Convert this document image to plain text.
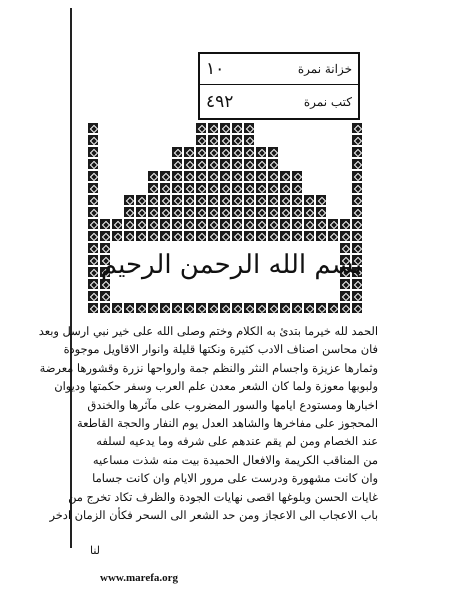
خزانة نمرة
١٠
كتب نمرة
٤٩٢
بسم الله الرحمن الرحيم

الحمد لله خيرما بتدئ به الكلام وختم وصلى الله على خير نبي ارسل وبعد

فان محاسن اصناف الادب كثيرة ونكتها قليلة وانوار الاقاويل موجودة

وثمارها عزيزة واجسام النثر والنظم جمة وارواحها نزرة وقشورها معرضة

ولبوبها معوزة ولما كان الشعر معدن علم العرب وسفر حكمتها وديوان

اخبارها ومستودع ايامها والسور المضروب على مآثرها والخندق

المحجوز على مفاخرها والشاهد العدل يوم النفار والحجة القاطعة

عند الخصام ومن لم يقم عندهم على شرفه وما يدعيه لسلفه

من المناقب الكريمة والافعال الحميدة بيت منه شذت مساعيه

وان كانت مشهورة ودرست على مرور الايام وان كانت جساما

غايات الحسن وبلوغها اقصى نهايات الجودة والظرف تكاد تخرج من

باب الاعجاب الى الاعجاز ومن حد الشعر الى السحر فكأن الزمان ادخر

لنا
www.marefa.org
